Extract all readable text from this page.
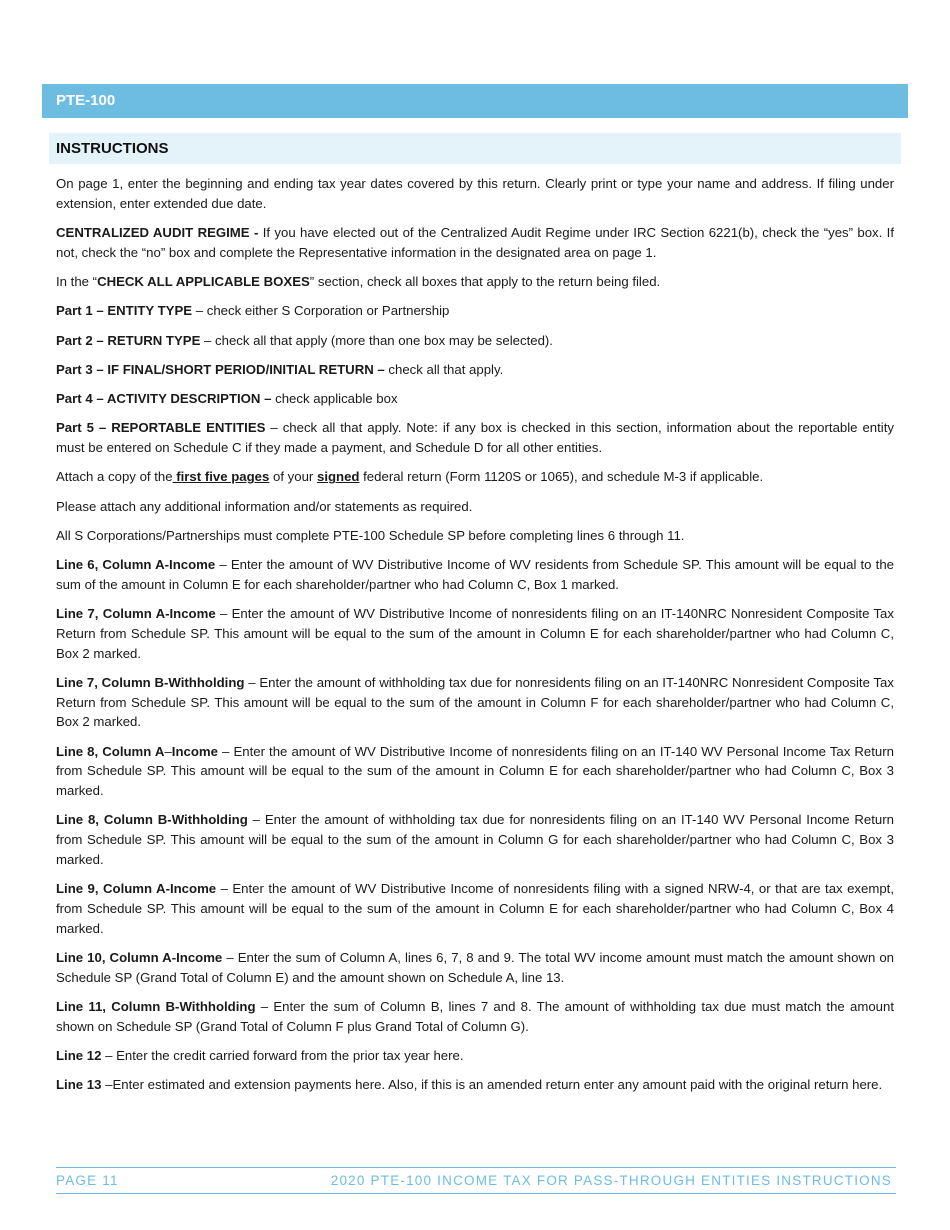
PTE-100
INSTRUCTIONS

On page 1, enter the beginning and ending tax year dates covered by this return. Clearly print or type your name and address. If filing under extension, enter extended due date.

CENTRALIZED AUDIT REGIME - If you have elected out of the Centralized Audit Regime under IRC Section 6221(b), check the “yes” box. If not, check the “no” box and complete the Representative information in the designated area on page 1.

In the “CHECK ALL APPLICABLE BOXES” section, check all boxes that apply to the return being filed.

Part 1 – ENTITY TYPE – check either S Corporation or Partnership

Part 2 – RETURN TYPE – check all that apply (more than one box may be selected).

Part 3 – IF FINAL/SHORT PERIOD/INITIAL RETURN – check all that apply.

Part 4 – ACTIVITY DESCRIPTION – check applicable box

Part 5 – REPORTABLE ENTITIES – check all that apply. Note: if any box is checked in this section, information about the reportable entity must be entered on Schedule C if they made a payment, and Schedule D for all other entities.

Attach a copy of the first five pages of your signed federal return (Form 1120S or 1065), and schedule M-3 if applicable.

Please attach any additional information and/or statements as required.

All S Corporations/Partnerships must complete PTE-100 Schedule SP before completing lines 6 through 11.

Line 6, Column A-Income – Enter the amount of WV Distributive Income of WV residents from Schedule SP. This amount will be equal to the sum of the amount in Column E for each shareholder/partner who had Column C, Box 1 marked.

Line 7, Column A-Income – Enter the amount of WV Distributive Income of nonresidents filing on an IT-140NRC Nonresident Composite Tax Return from Schedule SP. This amount will be equal to the sum of the amount in Column E for each shareholder/partner who had Column C, Box 2 marked.

Line 7, Column B-Withholding – Enter the amount of withholding tax due for nonresidents filing on an IT-140NRC Nonresident Composite Tax Return from Schedule SP. This amount will be equal to the sum of the amount in Column F for each shareholder/partner who had Column C, Box 2 marked.

Line 8, Column A–Income – Enter the amount of WV Distributive Income of nonresidents filing on an IT-140 WV Personal Income Tax Return from Schedule SP. This amount will be equal to the sum of the amount in Column E for each shareholder/partner who had Column C, Box 3 marked.

Line 8, Column B-Withholding – Enter the amount of withholding tax due for nonresidents filing on an IT-140 WV Personal Income Return from Schedule SP. This amount will be equal to the sum of the amount in Column G for each shareholder/partner who had Column C, Box 3 marked.

Line 9, Column A-Income – Enter the amount of WV Distributive Income of nonresidents filing with a signed NRW-4, or that are tax exempt, from Schedule SP. This amount will be equal to the sum of the amount in Column E for each shareholder/partner who had Column C, Box 4 marked.

Line 10, Column A-Income – Enter the sum of Column A, lines 6, 7, 8 and 9. The total WV income amount must match the amount shown on Schedule SP (Grand Total of Column E) and the amount shown on Schedule A, line 13.

Line 11, Column B-Withholding – Enter the sum of Column B, lines 7 and 8. The amount of withholding tax due must match the amount shown on Schedule SP (Grand Total of Column F plus Grand Total of Column G).

Line 12 – Enter the credit carried forward from the prior tax year here.

Line 13 –Enter estimated and extension payments here. Also, if this is an amended return enter any amount paid with the original return here.

PAGE 11	2020 PTE-100 INCOME TAX FOR PASS-THROUGH ENTITIES INSTRUCTIONS
